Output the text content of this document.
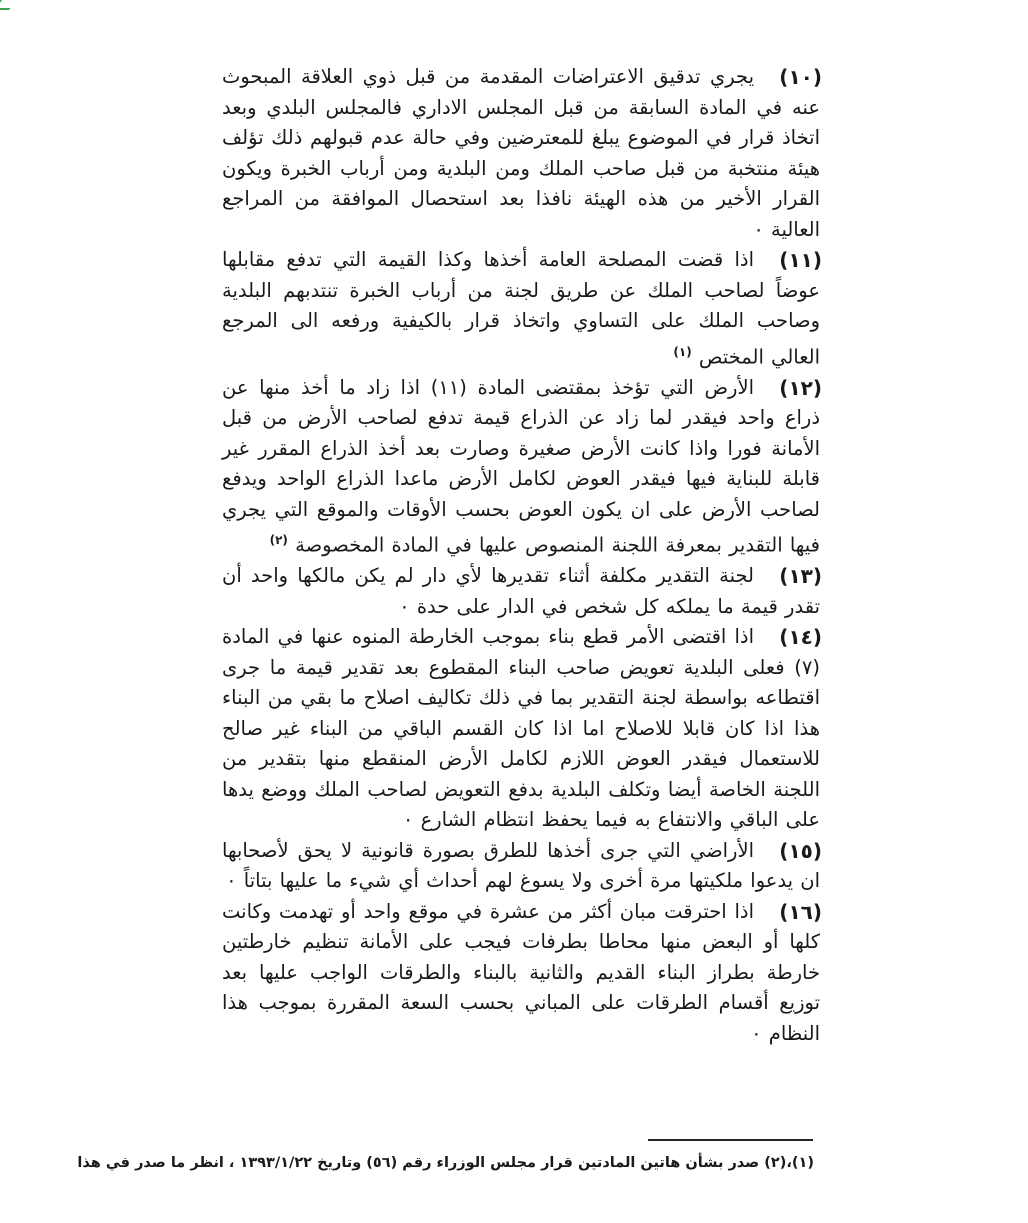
(١٠)

يجري تدقيق الاعتراضات المقدمة من قبل ذوي العلاقة المبحوث عنه في المادة السابقة من قبل المجلس الاداري فالمجلس البلدي وبعد اتخاذ قرار في الموضوع يبلغ للمعترضين وفي حالة عدم قبولهم ذلك تؤلف هيئة منتخبة من قبل صاحب الملك ومن البلدية ومن أرباب الخبرة ويكون القرار الأخير من هذه الهيئة نافذا بعد استحصال الموافقة من المراجع العالية ٠

(١١)

اذا قضت المصلحة العامة أخذها وكذا القيمة التي تدفع مقابلها عوضاً لصاحب الملك عن طريق لجنة من أرباب الخبرة تنتدبهم البلدية وصاحب الملك على التساوي واتخاذ قرار بالكيفية ورفعه الى المرجع العالي المختص $^{(١)}$

(١٢)

الأرض التي تؤخذ بمقتضى المادة (١١) اذا زاد ما أخذ منها عن ذراع واحد فيقدر لما زاد عن الذراع قيمة تدفع لصاحب الأرض من قبل الأمانة فورا واذا كانت الأرض صغيرة وصارت بعد أخذ الذراع المقرر غير قابلة للبناية فيها فيقدر العوض لكامل الأرض ماعدا الذراع الواحد ويدفع لصاحب الأرض على ان يكون العوض بحسب الأوقات والموقع التي يجري فيها التقدير بمعرفة اللجنة المنصوص عليها في المادة المخصوصة $^{(٢)}$

(١٣)

لجنة التقدير مكلفة أثناء تقديرها لأي دار لم يكن مالكها واحد أن تقدر قيمة ما يملكه كل شخص في الدار على حدة ٠

(١٤)

اذا اقتضى الأمر قطع بناء بموجب الخارطة المنوه عنها في المادة (٧) فعلى البلدية تعويض صاحب البناء المقطوع بعد تقدير قيمة ما جرى اقتطاعه بواسطة لجنة التقدير بما في ذلك تكاليف اصلاح ما بقي من البناء هذا اذا كان قابلا للاصلاح اما اذا كان القسم الباقي من البناء غير صالح للاستعمال فيقدر العوض اللازم لكامل الأرض المنقطع منها بتقدير من اللجنة الخاصة أيضا وتكلف البلدية بدفع التعويض لصاحب الملك ووضع يدها على الباقي والانتفاع به فيما يحفظ انتظام الشارع ٠

(١٥)

الأراضي التي جرى أخذها للطرق بصورة قانونية لا يحق لأصحابها ان يدعوا ملكيتها مرة أخرى ولا يسوغ لهم أحداث أي شيء ما عليها بتاتاً ٠

(١٦)

اذا احترقت مبان أكثر من عشرة في موقع واحد أو تهدمت وكانت كلها أو البعض منها محاطا بطرفات فيجب على الأمانة تنظيم خارطتين خارطة بطراز البناء القديم والثانية بالبناء والطرقات الواجب عليها بعد توزيع أقسام الطرقات على المباني بحسب السعة المقررة بموجب هذا النظام ٠

(١)،(٢) صدر بشأن هاتين المادتين قرار مجلس الوزراء رقم (٥٦) وتاريخ ١٣٩٣/١/٢٢ ، انظر ما صدر في هذا
